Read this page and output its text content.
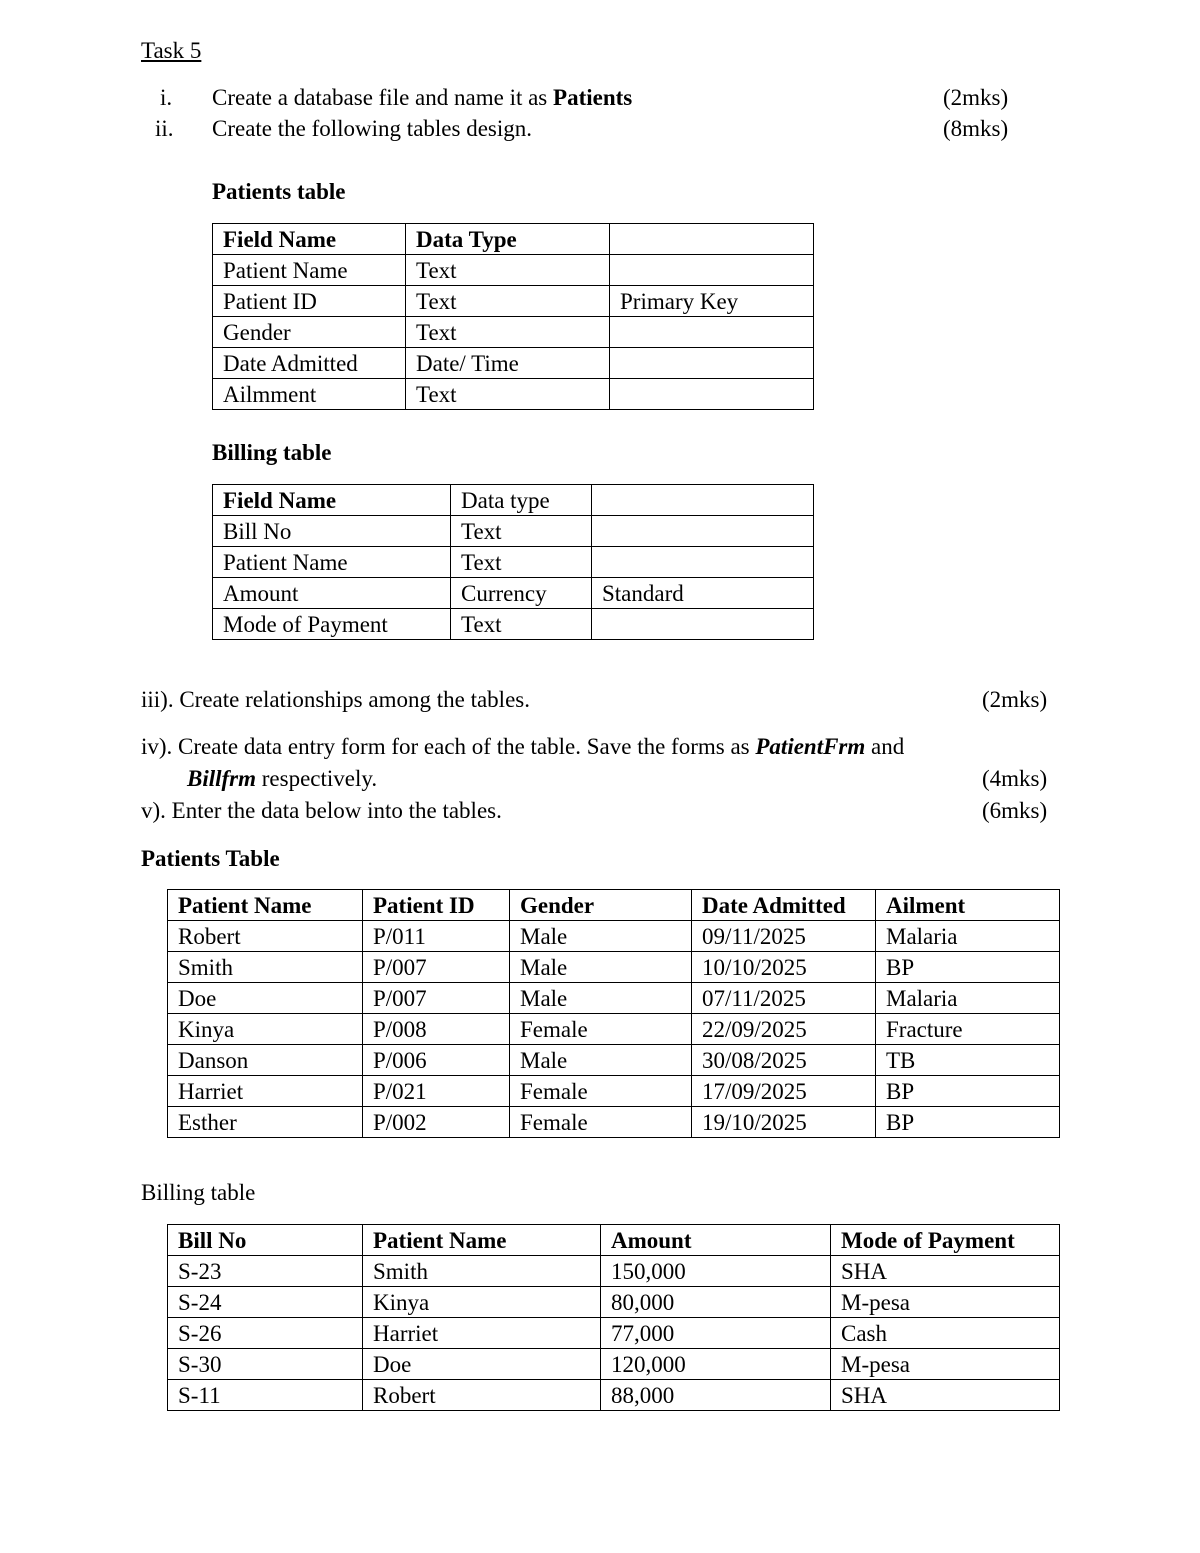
Task 5
i. Create a database file and name it as Patients	(2mks)
ii. Create the following tables design.	(8mks)
Patients table
Field Name	Data Type	
Patient Name	Text	
Patient ID	Text	Primary Key
Gender	Text	
Date Admitted	Date/ Time	
Ailmment	Text	
Billing table
Field Name	Data type	
Bill No	Text	
Patient Name	Text	
Amount	Currency	Standard
Mode of Payment	Text	
iii). Create relationships among the tables.	(2mks)
iv). Create data entry form for each of the table. Save the forms as PatientFrm and
Billfrm respectively.	(4mks)
v). Enter the data below into the tables.	(6mks)
Patients Table
Patient Name	Patient ID	Gender	Date Admitted	Ailment
Robert	P/011	Male	09/11/2025	Malaria
Smith	P/007	Male	10/10/2025	BP
Doe	P/007	Male	07/11/2025	Malaria
Kinya	P/008	Female	22/09/2025	Fracture
Danson	P/006	Male	30/08/2025	TB
Harriet	P/021	Female	17/09/2025	BP
Esther	P/002	Female	19/10/2025	BP
Billing table
Bill No	Patient Name	Amount	Mode of Payment
S-23	Smith	150,000	SHA
S-24	Kinya	80,000	M-pesa
S-26	Harriet	77,000	Cash
S-30	Doe	120,000	M-pesa
S-11	Robert	88,000	SHA
